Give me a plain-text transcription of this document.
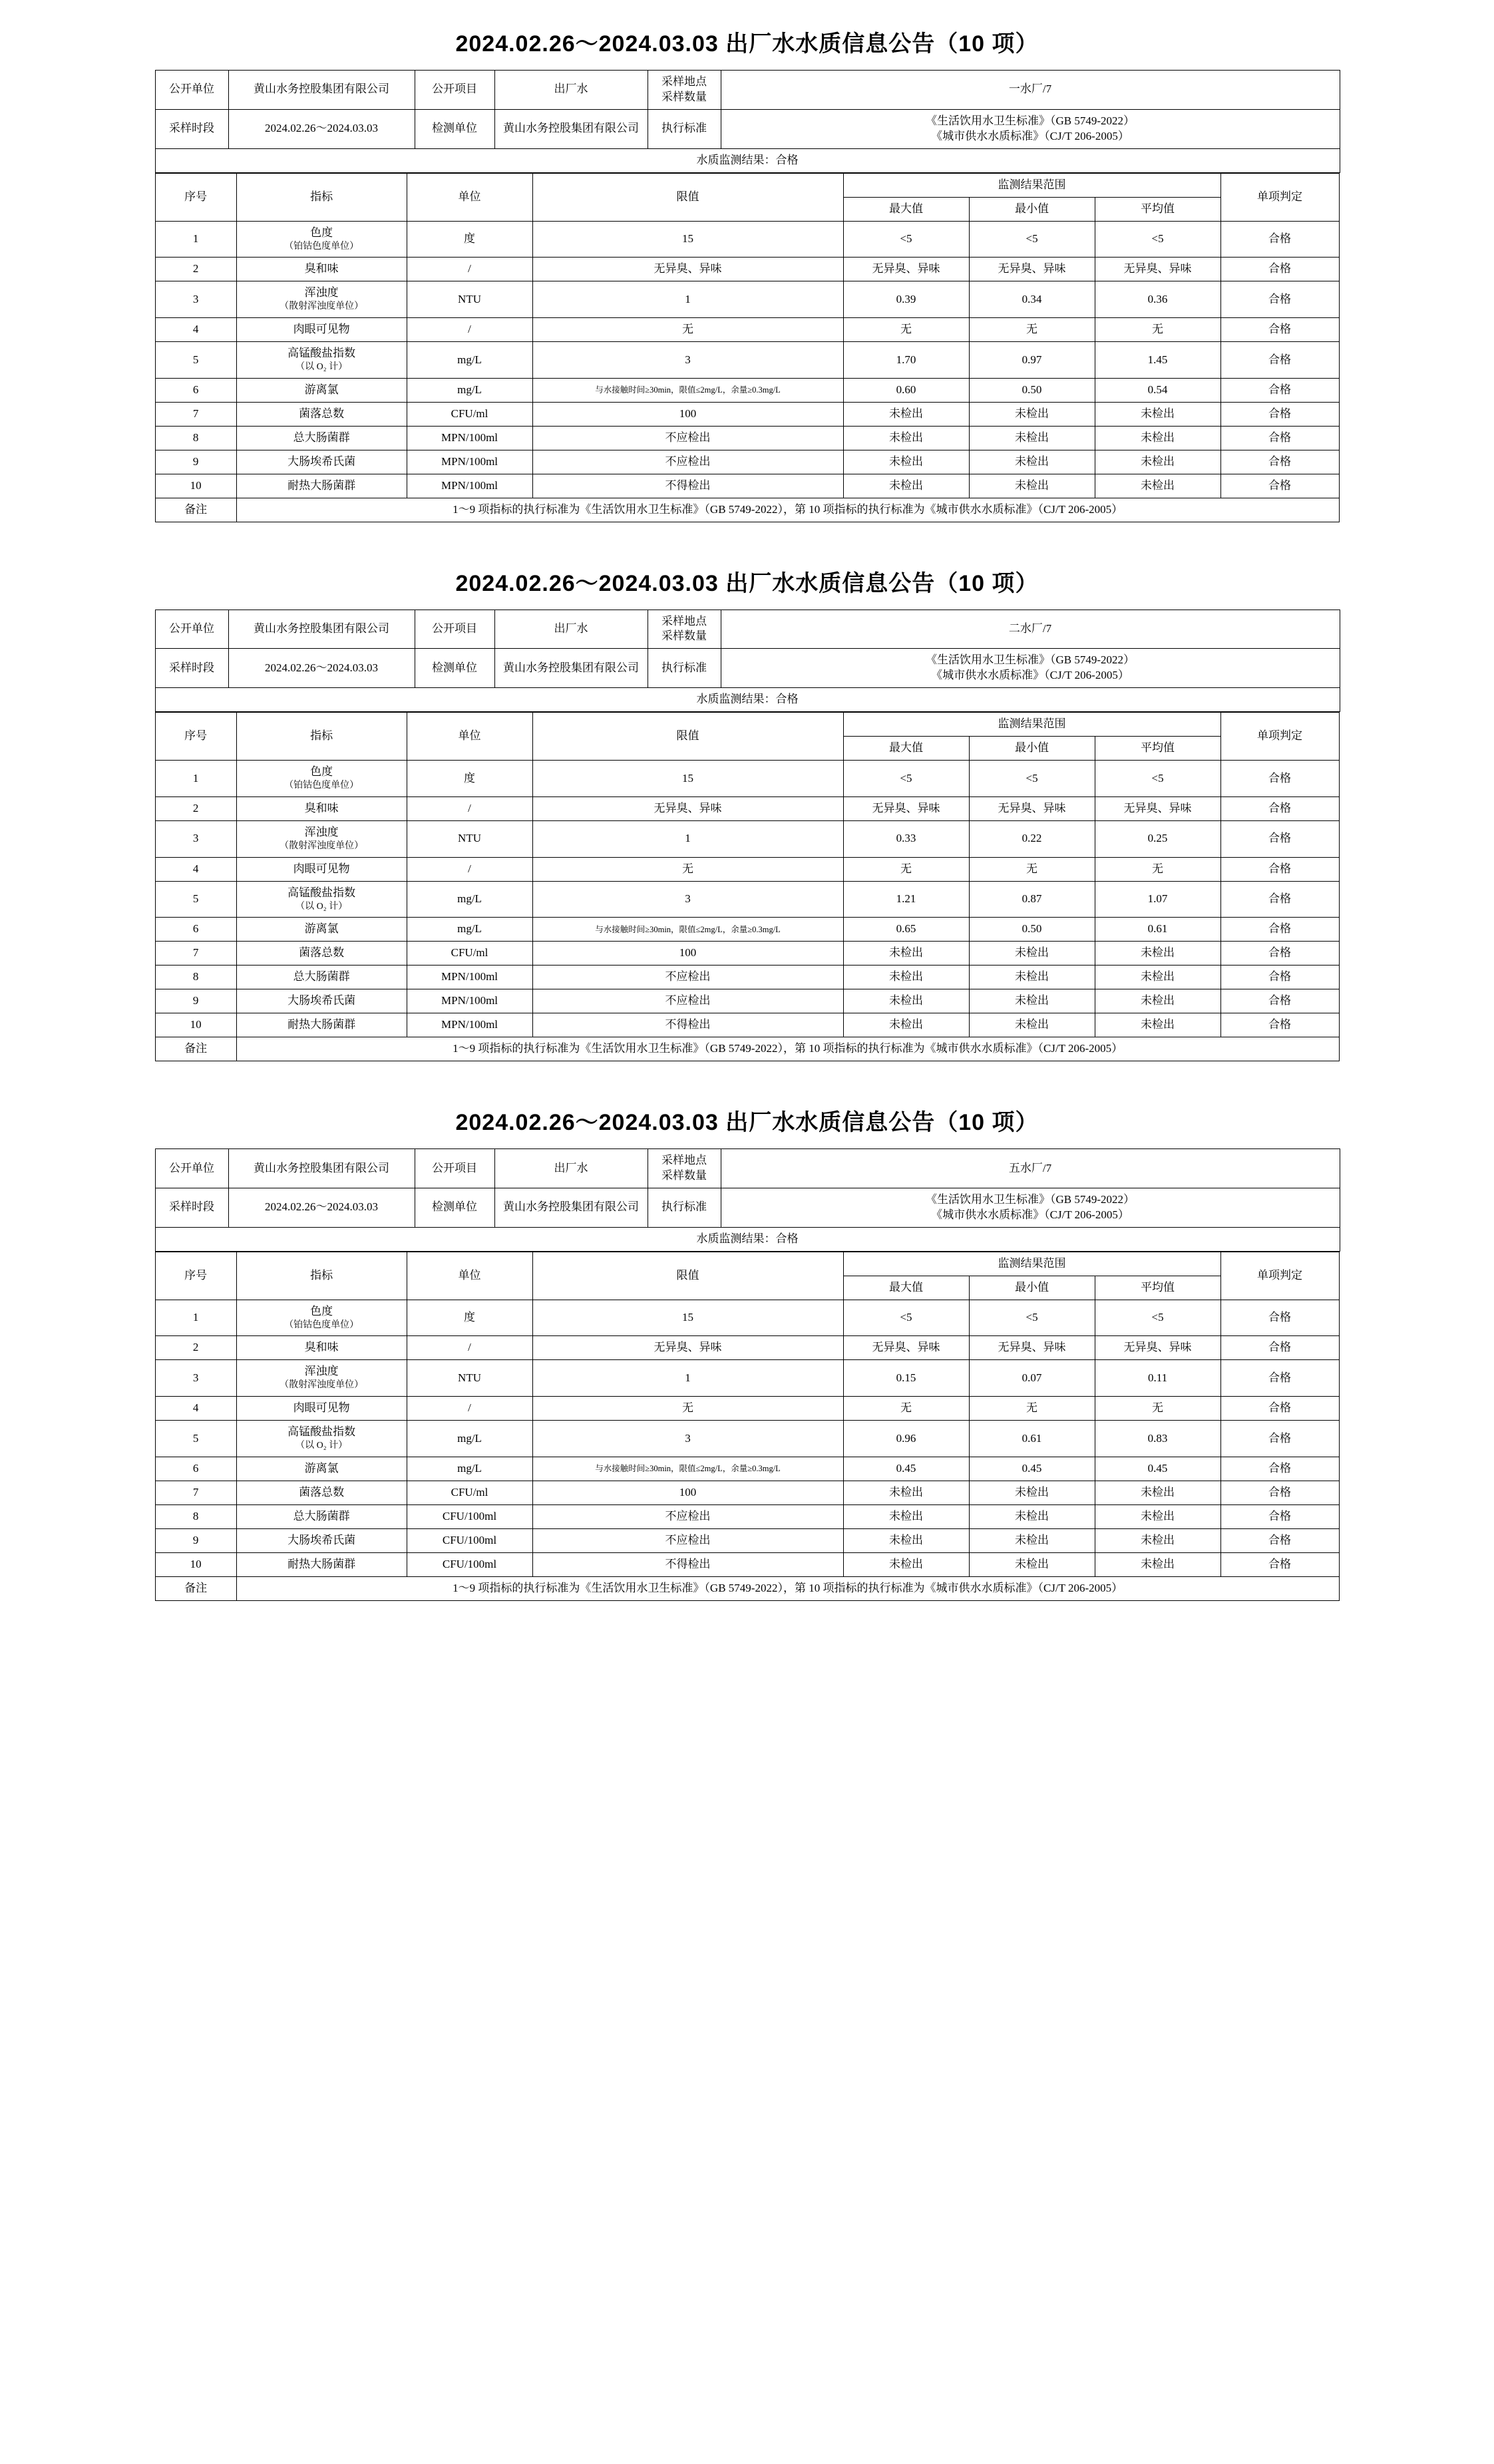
2024.02.26～2024.03.03 出厂水水质信息公告（10 项）
公开单位	黄山水务控股集团有限公司	公开项目	出厂水	采样地点
采样数量	一水厂/7
采样时段	2024.02.26～2024.03.03	检测单位	黄山水务控股集团有限公司	执行标准	《生活饮用水卫生标准》（GB 5749-2022）
《城市供水水质标准》（CJ/T 206-2005）

水质监测结果：合格					
序号	指标	单位	限值	监测结果范围			单项判定
				最大值	最小值	平均值	
1	色度
（铂钴色度单位）	度	15	<5	<5	<5	合格
2	臭和味	/	无异臭、异味	无异臭、异味	无异臭、异味	无异臭、异味	合格
3	浑浊度
（散射浑浊度单位）	NTU	1	0.39	0.34	0.36	合格
4	肉眼可见物	/	无	无	无	无	合格
5	高锰酸盐指数
（以 O₂ 计）	mg/L	3	1.70	0.97	1.45	合格
6	游离氯	mg/L	与水接触时间≥30min，限值≤2mg/L，余量≥0.3mg/L	0.60	0.50	0.54	合格
7	菌落总数	CFU/ml	100	未检出	未检出	未检出	合格
8	总大肠菌群	MPN/100ml	不应检出	未检出	未检出	未检出	合格
9	大肠埃希氏菌	MPN/100ml	不应检出	未检出	未检出	未检出	合格
10	耐热大肠菌群	MPN/100ml	不得检出	未检出	未检出	未检出	合格
备注	1～9 项指标的执行标准为《生活饮用水卫生标准》（GB 5749-2022），第 10 项指标的执行标准为《城市供水水质标准》（CJ/T 206-2005）						
2024.02.26～2024.03.03 出厂水水质信息公告（10 项）
公开单位	黄山水务控股集团有限公司	公开项目	出厂水	采样地点
采样数量	二水厂/7
采样时段	2024.02.26～2024.03.03	检测单位	黄山水务控股集团有限公司	执行标准	《生活饮用水卫生标准》（GB 5749-2022）
《城市供水水质标准》（CJ/T 206-2005）

水质监测结果：合格					
序号	指标	单位	限值	监测结果范围			单项判定
				最大值	最小值	平均值	
1	色度
（铂钴色度单位）	度	15	<5	<5	<5	合格
2	臭和味	/	无异臭、异味	无异臭、异味	无异臭、异味	无异臭、异味	合格
3	浑浊度
（散射浑浊度单位）	NTU	1	0.33	0.22	0.25	合格
4	肉眼可见物	/	无	无	无	无	合格
5	高锰酸盐指数
（以 O₂ 计）	mg/L	3	1.21	0.87	1.07	合格
6	游离氯	mg/L	与水接触时间≥30min，限值≤2mg/L，余量≥0.3mg/L	0.65	0.50	0.61	合格
7	菌落总数	CFU/ml	100	未检出	未检出	未检出	合格
8	总大肠菌群	MPN/100ml	不应检出	未检出	未检出	未检出	合格
9	大肠埃希氏菌	MPN/100ml	不应检出	未检出	未检出	未检出	合格
10	耐热大肠菌群	MPN/100ml	不得检出	未检出	未检出	未检出	合格
备注	1～9 项指标的执行标准为《生活饮用水卫生标准》（GB 5749-2022），第 10 项指标的执行标准为《城市供水水质标准》（CJ/T 206-2005）						
2024.02.26～2024.03.03 出厂水水质信息公告（10 项）
公开单位	黄山水务控股集团有限公司	公开项目	出厂水	采样地点
采样数量	五水厂/7
采样时段	2024.02.26～2024.03.03	检测单位	黄山水务控股集团有限公司	执行标准	《生活饮用水卫生标准》（GB 5749-2022）
《城市供水水质标准》（CJ/T 206-2005）

水质监测结果：合格					
序号	指标	单位	限值	监测结果范围			单项判定
				最大值	最小值	平均值	
1	色度
（铂钴色度单位）	度	15	<5	<5	<5	合格
2	臭和味	/	无异臭、异味	无异臭、异味	无异臭、异味	无异臭、异味	合格
3	浑浊度
（散射浑浊度单位）	NTU	1	0.15	0.07	0.11	合格
4	肉眼可见物	/	无	无	无	无	合格
5	高锰酸盐指数
（以 O₂ 计）	mg/L	3	0.96	0.61	0.83	合格
6	游离氯	mg/L	与水接触时间≥30min，限值≤2mg/L，余量≥0.3mg/L	0.45	0.45	0.45	合格
7	菌落总数	CFU/ml	100	未检出	未检出	未检出	合格
8	总大肠菌群	CFU/100ml	不应检出	未检出	未检出	未检出	合格
9	大肠埃希氏菌	CFU/100ml	不应检出	未检出	未检出	未检出	合格
10	耐热大肠菌群	CFU/100ml	不得检出	未检出	未检出	未检出	合格
备注	1～9 项指标的执行标准为《生活饮用水卫生标准》（GB 5749-2022），第 10 项指标的执行标准为《城市供水水质标准》（CJ/T 206-2005）						
